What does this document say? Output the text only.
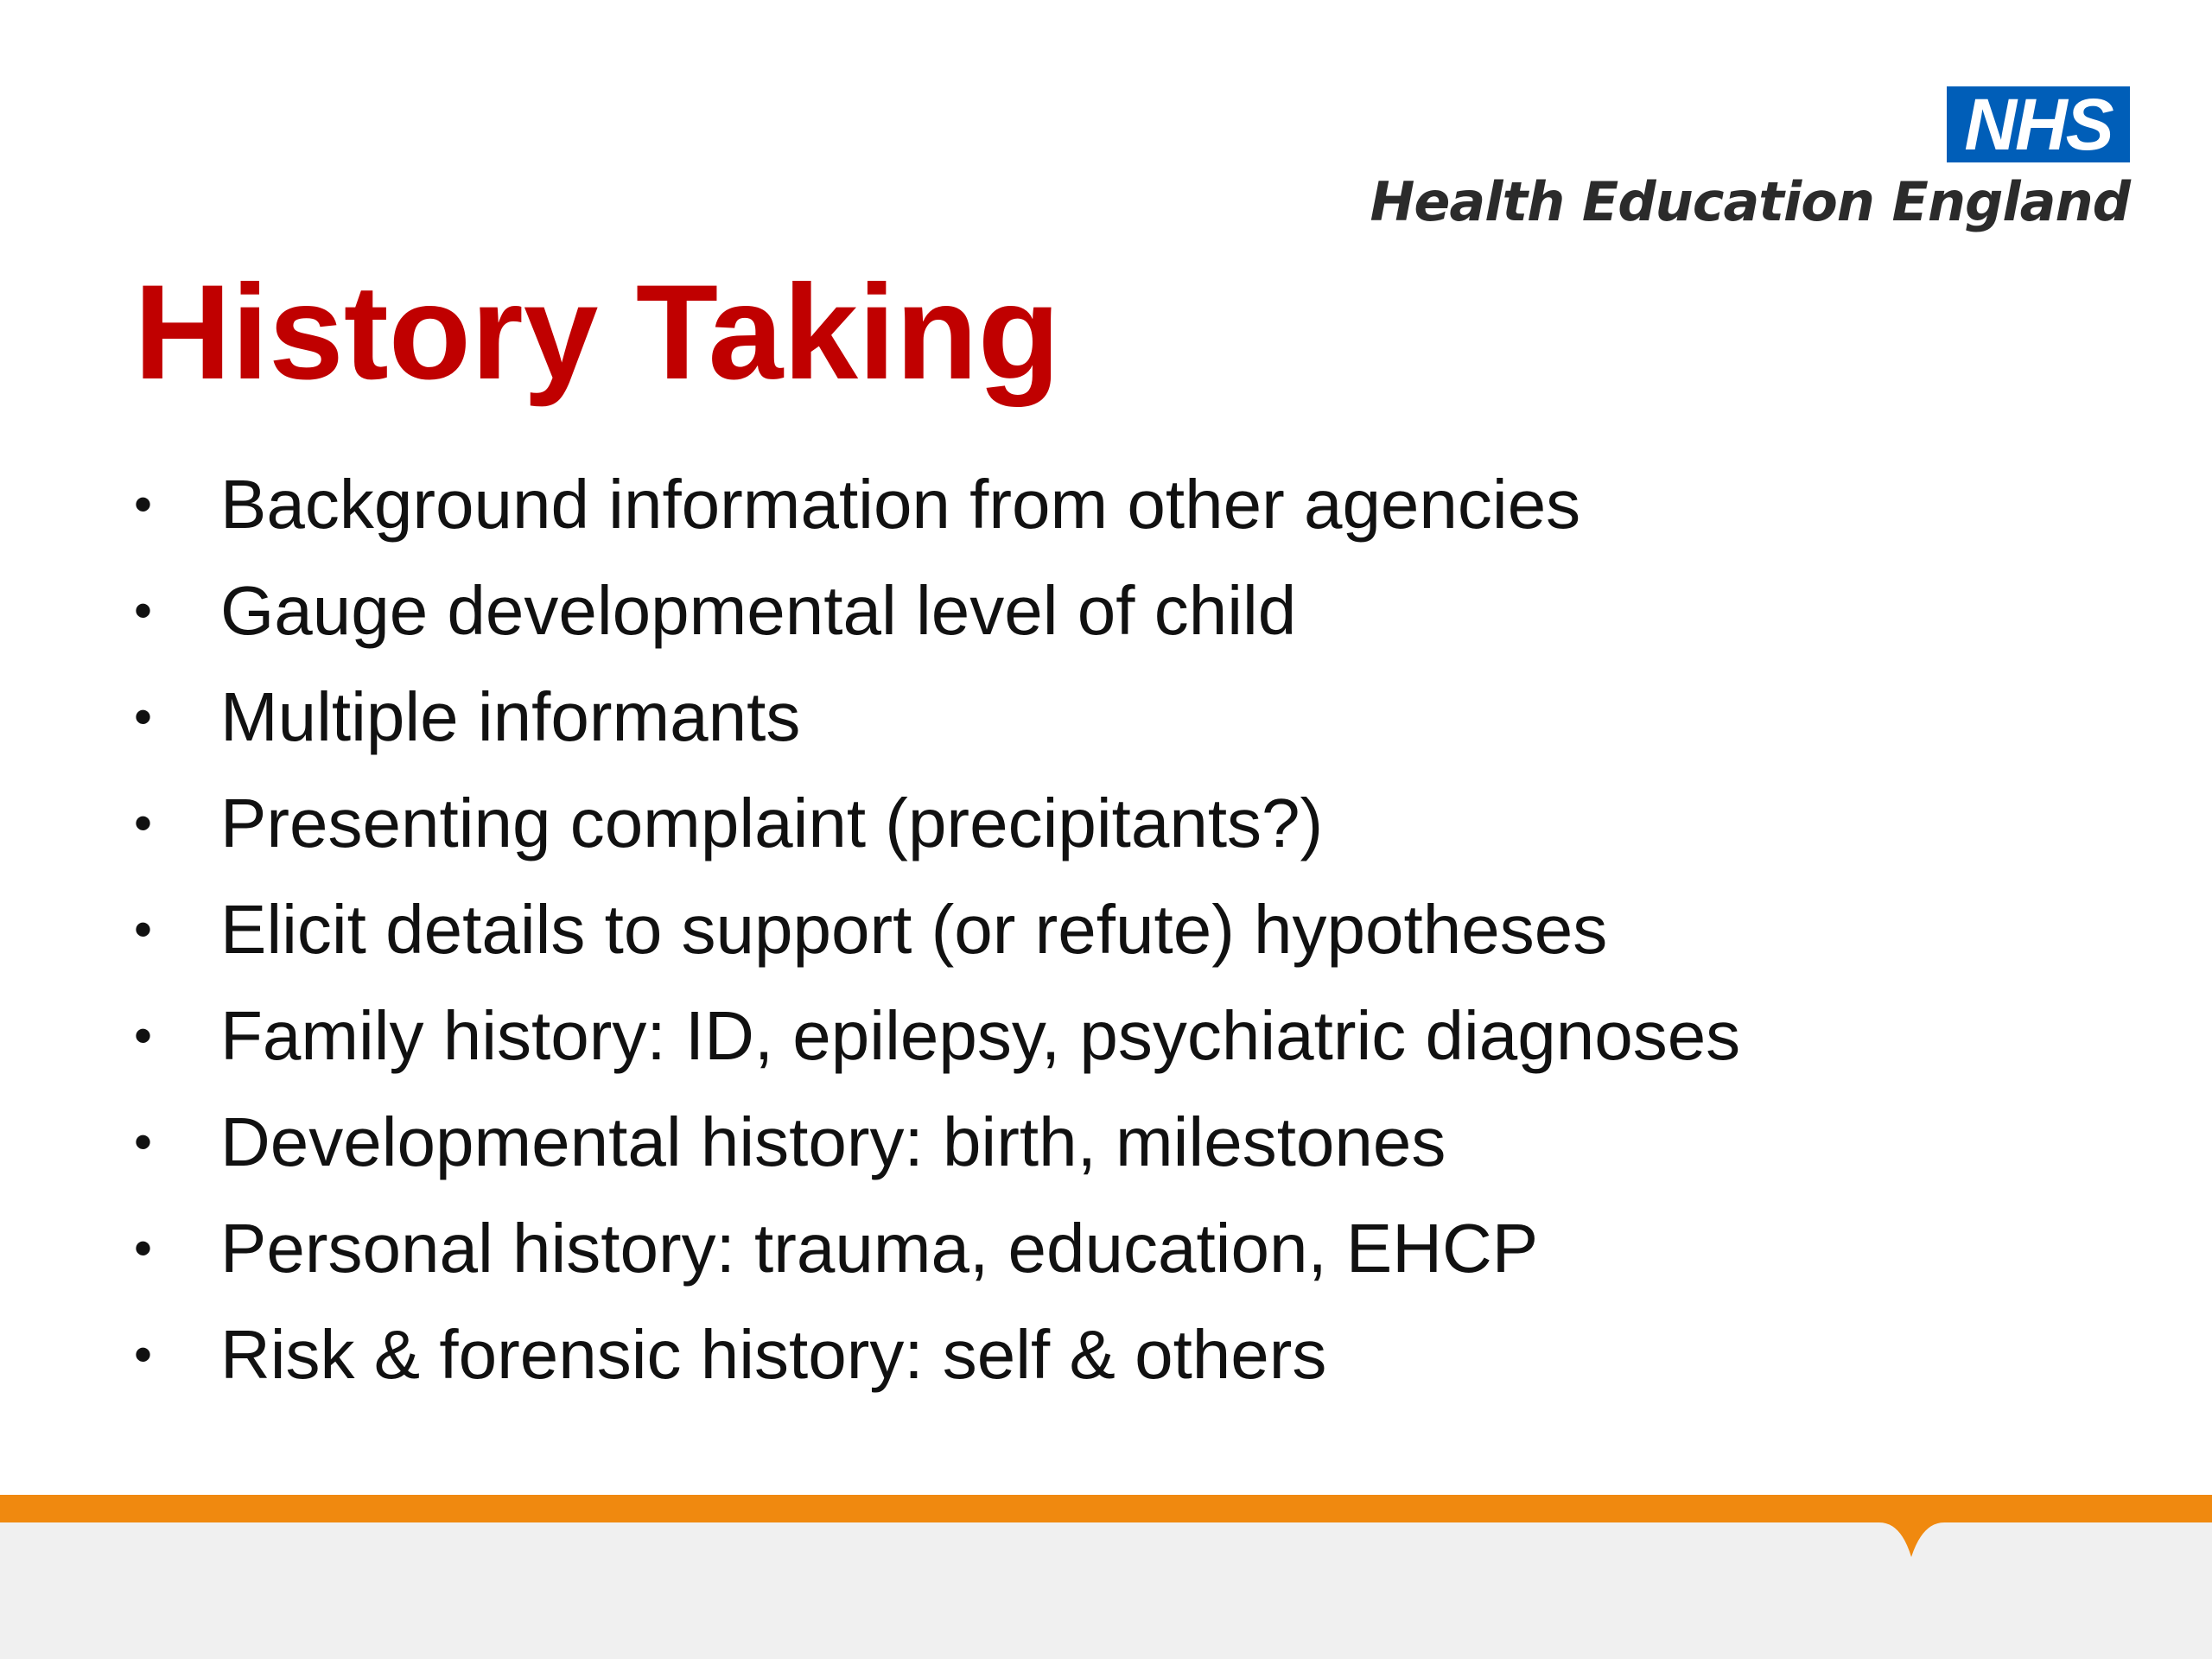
NHS
Health Education England
History Taking
• Background information from other agencies
• Gauge developmental level of child
• Multiple informants
• Presenting complaint (precipitants?)
• Elicit details to support (or refute) hypotheses
• Family history: ID, epilepsy, psychiatric diagnoses
• Developmental history: birth, milestones
• Personal history: trauma, education, EHCP
• Risk & forensic history: self & others
